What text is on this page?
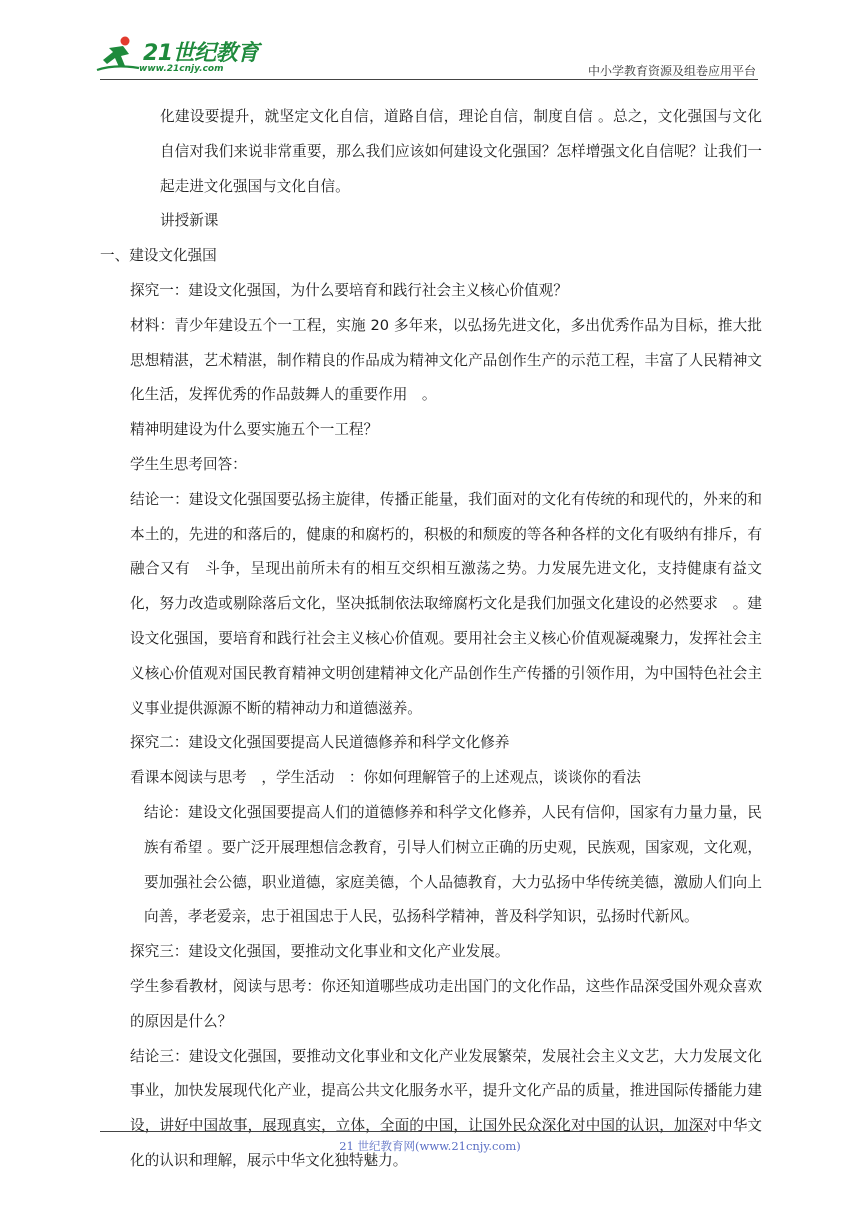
21世纪教育
www.21cnjy.com	中小学教育资源及组卷应用平台

化建设要提升，就坚定文化自信，道路自信，理论自信，制度自信 。总之，文化强国与文化自信对我们来说非常重要，那么我们应该如何建设文化强国？怎样增强文化自信呢？让我们一起走进文化强国与文化自信。

讲授新课

一、建设文化强国

探究一：建设文化强国，为什么要培育和践行社会主义核心价值观？

材料：青少年建设五个一工程，实施 20 多年来，以弘扬先进文化，多出优秀作品为目标，推大批思想精湛，艺术精湛，制作精良的作品成为精神文化产品创作生产的示范工程，丰富了人民精神文化生活，发挥优秀的作品鼓舞人的重要作用　。

精神明建设为什么要实施五个一工程？

学生生思考回答：

结论一：建设文化强国要弘扬主旋律，传播正能量，我们面对的文化有传统的和现代的，外来的和本土的，先进的和落后的，健康的和腐朽的，积极的和颓废的等各种各样的文化有吸纳有排斥，有融合又有　斗争，呈现出前所未有的相互交织相互激荡之势。力发展先进文化，支持健康有益文化，努力改造或剔除落后文化，坚决抵制依法取缔腐朽文化是我们加强文化建设的必然要求　。建设文化强国，要培育和践行社会主义核心价值观。要用社会主义核心价值观凝魂聚力，发挥社会主义核心价值观对国民教育精神文明创建精神文化产品创作生产传播的引领作用，为中国特色社会主义事业提供源源不断的精神动力和道德滋养。

探究二：建设文化强国要提高人民道德修养和科学文化修养

看课本阅读与思考　，学生活动　：你如何理解管子的上述观点，谈谈你的看法

结论：建设文化强国要提高人们的道德修养和科学文化修养，人民有信仰，国家有力量力量，民族有希望 。要广泛开展理想信念教育，引导人们树立正确的历史观，民族观，国家观，文化观，要加强社会公德，职业道德，家庭美德，个人品德教育，大力弘扬中华传统美德，激励人们向上向善，孝老爱亲，忠于祖国忠于人民，弘扬科学精神，普及科学知识，弘扬时代新风。

探究三：建设文化强国，要推动文化事业和文化产业发展。

学生参看教材，阅读与思考：你还知道哪些成功走出国门的文化作品，这些作品深受国外观众喜欢的原因是什么？

结论三：建设文化强国，要推动文化事业和文化产业发展繁荣，发展社会主义文艺，大力发展文化事业，加快发展现代化产业，提高公共文化服务水平，提升文化产品的质量，推进国际传播能力建设，讲好中国故事，展现真实，立体，全面的中国，让国外民众深化对中国的认识，加深对中华文化的认识和理解，展示中华文化独特魅力。

21 世纪教育网(www.21cnjy.com)
